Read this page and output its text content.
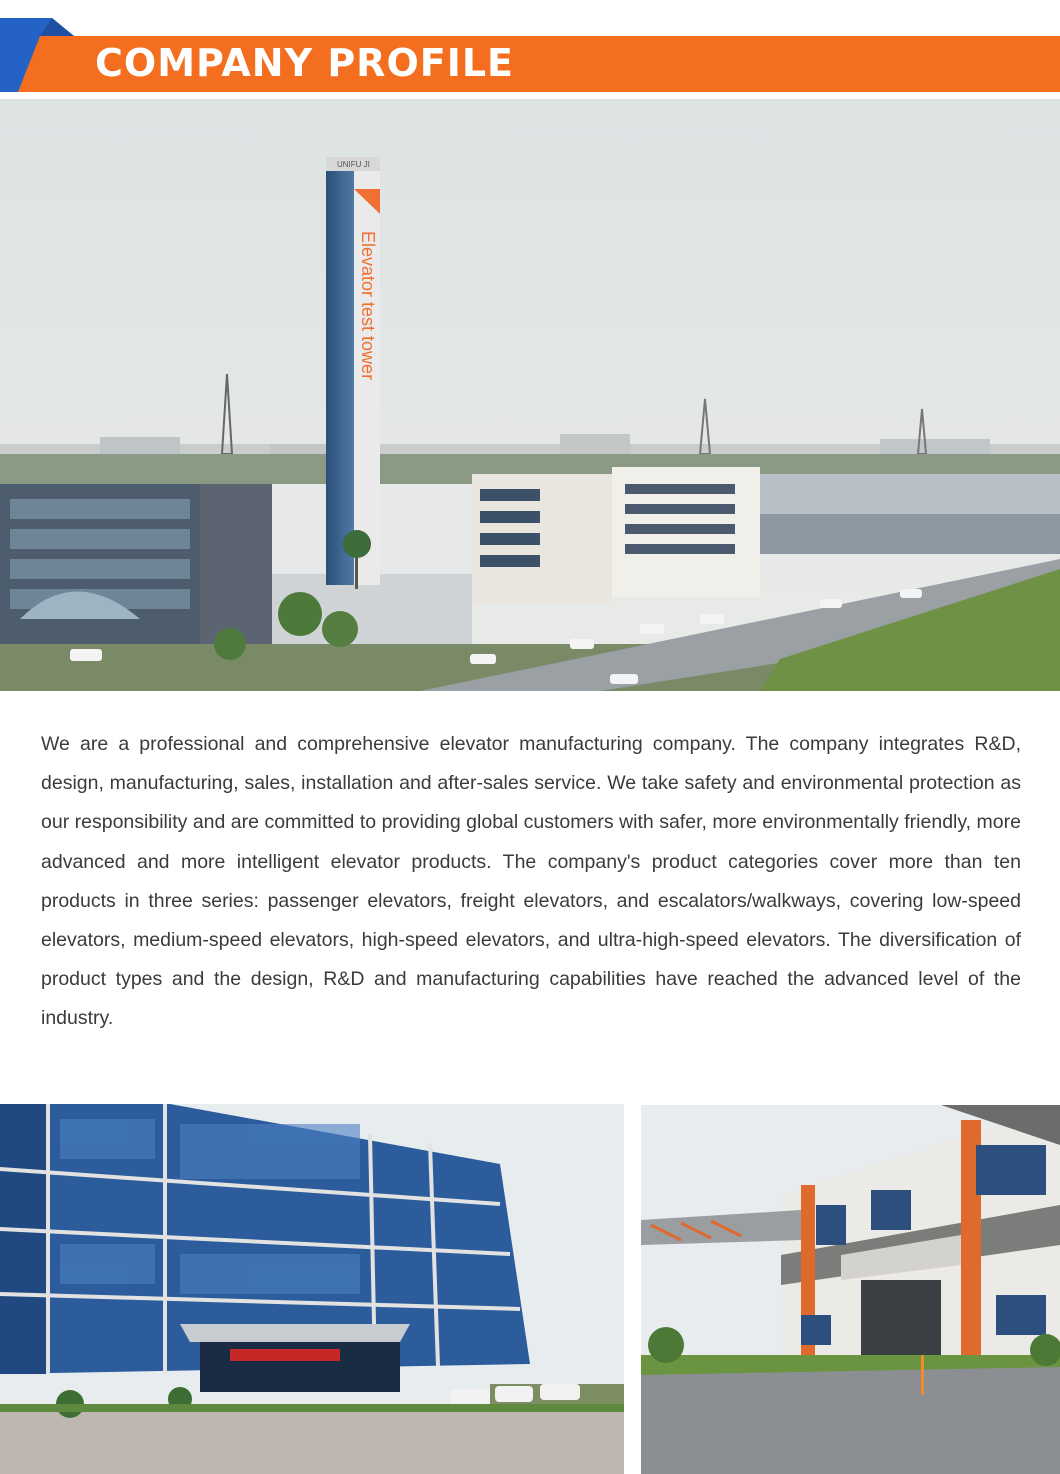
COMPANY PROFILE
UNIFU JI
Elevator test tower

We are a professional and comprehensive elevator manufacturing company. The company integrates R&D, design, manufacturing, sales, installation and after-sales service. We take safety and environmental protection as our responsibility and are committed to providing global customers with safer, more environmentally friendly, more advanced and more intelligent elevator products. The company's product categories cover more than ten products in three series: passenger elevators, freight elevators, and escalators/walkways, covering low-speed elevators, medium-speed elevators, high-speed elevators, and ultra-high-speed elevators. The diversification of product types and the design, R&D and manufacturing capabilities have reached the advanced level of the industry.
